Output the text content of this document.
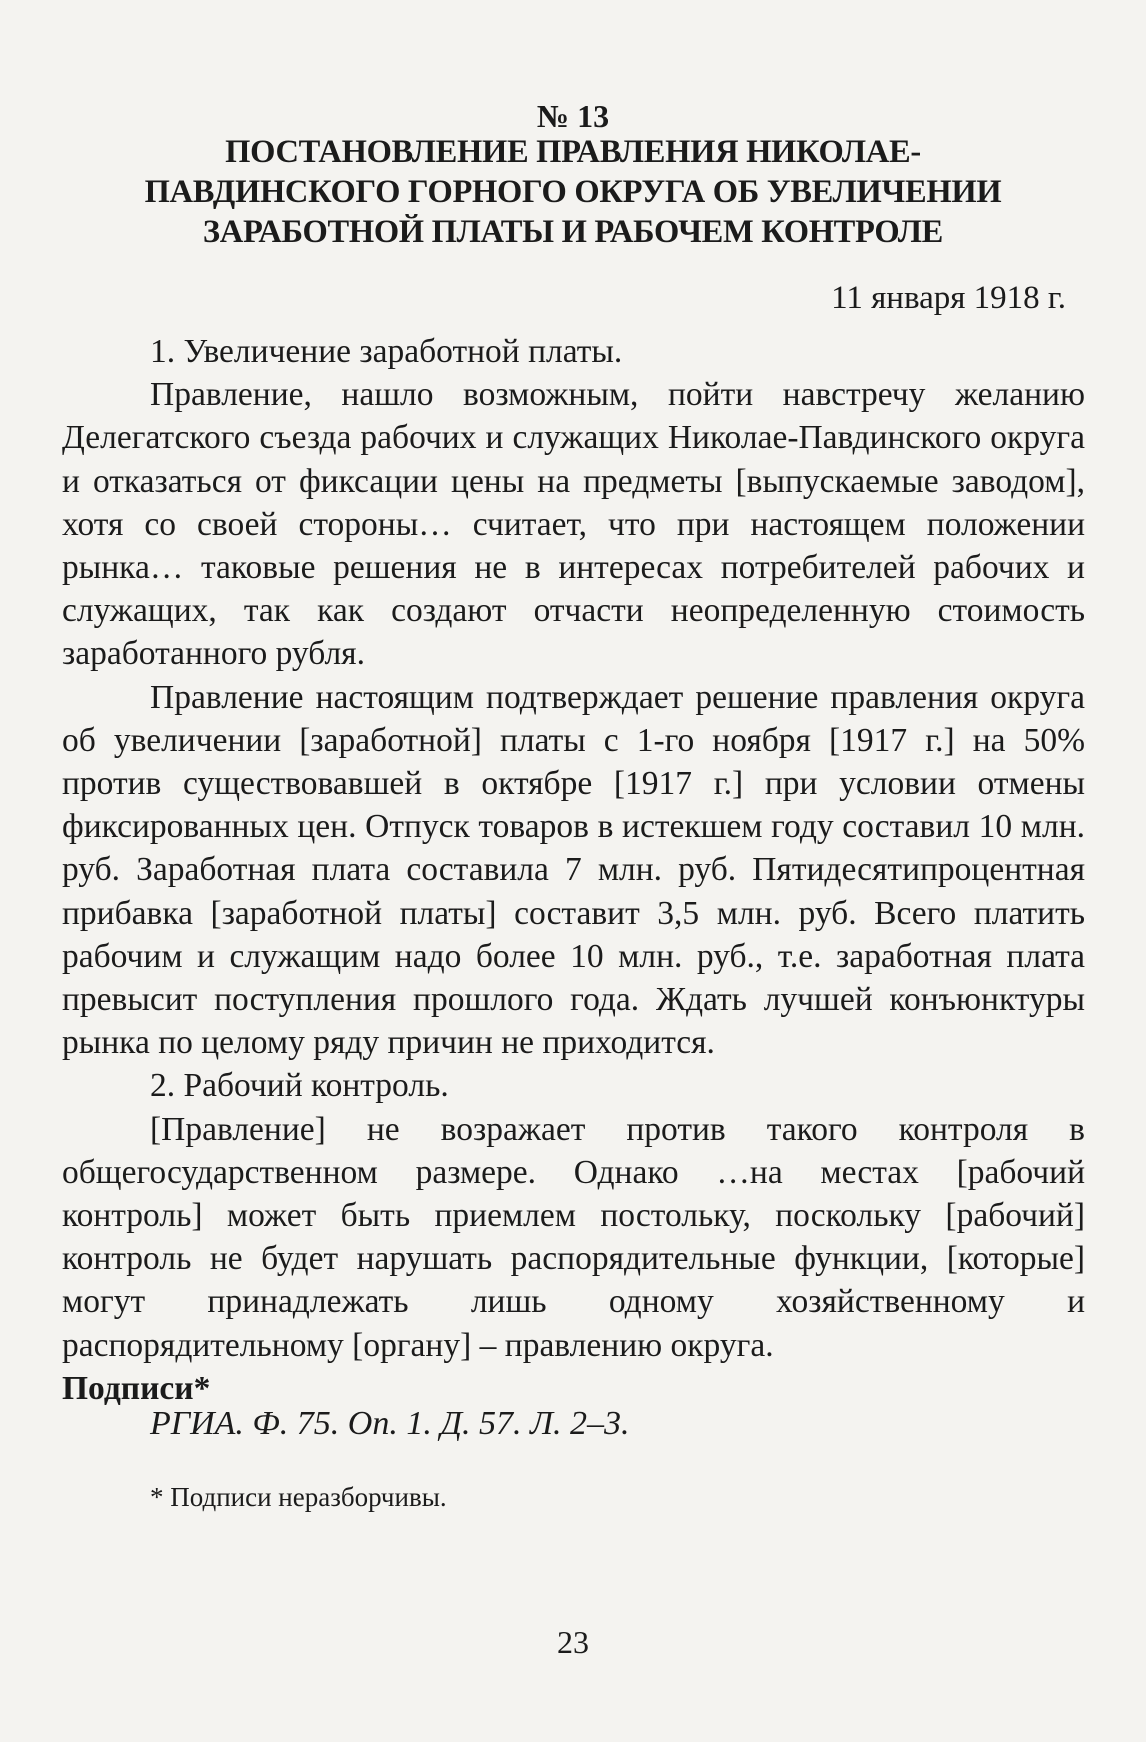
№ 13
ПОСТАНОВЛЕНИЕ ПРАВЛЕНИЯ НИКОЛАЕ-
ПАВДИНСКОГО ГОРНОГО ОКРУГА ОБ УВЕЛИЧЕНИИ
ЗАРАБОТНОЙ ПЛАТЫ И РАБОЧЕМ КОНТРОЛЕ

11 января 1918 г.

1. Увеличение заработной платы.

Правление, нашло возможным, пойти навстречу желанию Делегатского съезда рабочих и служащих Николае-Павдинского округа и отказаться от фиксации цены на предметы [выпускаемые заводом], хотя со своей стороны… считает, что при настоящем положении рынка… таковые решения не в интересах потребителей рабочих и служащих, так как создают отчасти неопределенную стоимость заработанного рубля.

Правление настоящим подтверждает решение правления округа об увеличении [заработной] платы с 1-го ноября [1917 г.] на 50% против существовавшей в октябре [1917 г.] при условии отмены фиксированных цен. Отпуск товаров в истекшем году составил 10 млн. руб. Заработная плата составила 7 млн. руб. Пятидесятипроцентная прибавка [заработной платы] составит 3,5 млн. руб. Всего платить рабочим и служащим надо более 10 млн. руб., т.е. заработная плата превысит поступления прошлого года. Ждать лучшей конъюнктуры рынка по целому ряду причин не приходится.

2. Рабочий контроль.

[Правление] не возражает против такого контроля в общегосударственном размере. Однако …на местах [рабочий контроль] может быть приемлем постольку, поскольку [рабочий] контроль не будет нарушать распорядительные функции, [которые] могут принадлежать лишь одному хозяйственному и распорядительному [органу] – правлению округа.

Подписи*

РГИА. Ф. 75. Оп. 1. Д. 57. Л. 2–3.

* Подписи неразборчивы.

23
